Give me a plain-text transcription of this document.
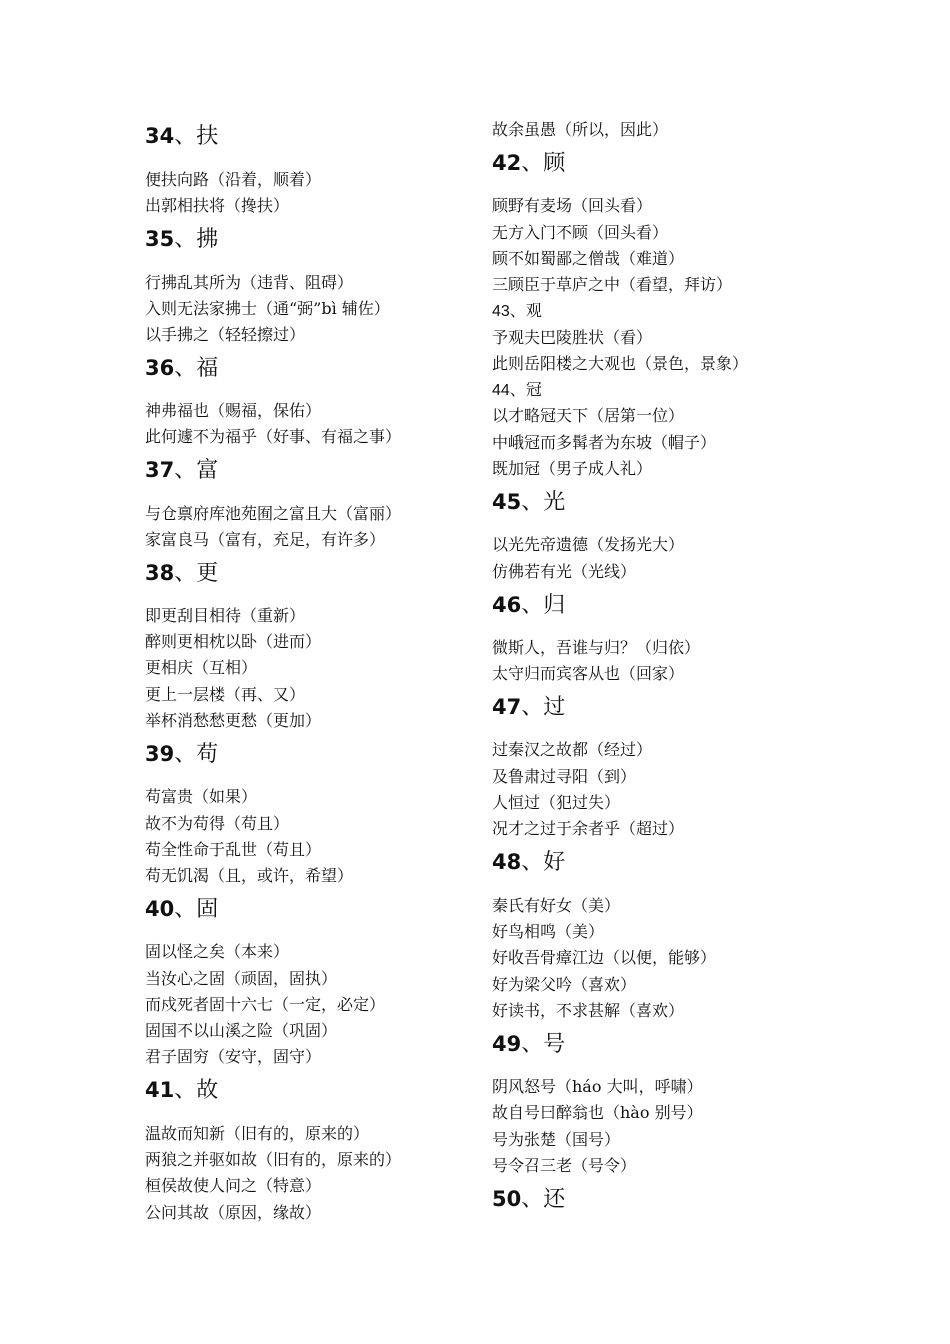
34、扶
便扶向路（沿着，顺着）
出郭相扶将（搀扶）
35、拂
行拂乱其所为（违背、阻碍）
入则无法家拂士（通“弼”bì 辅佐）
以手拂之（轻轻擦过）
36、福
神弗福也（赐福，保佑）
此何遽不为福乎（好事、有福之事）
37、富
与仓禀府库池苑囿之富且大（富丽）
家富良马（富有，充足，有许多）
38、更
即更刮目相待（重新）
醉则更相枕以卧（进而）
更相庆（互相）
更上一层楼（再、又）
举杯消愁愁更愁（更加）
39、苟
苟富贵（如果）
故不为苟得（苟且）
苟全性命于乱世（苟且）
苟无饥渴（且，或许，希望）
40、固
固以怪之矣（本来）
当汝心之固（顽固，固执）
而戍死者固十六七（一定，必定）
固国不以山溪之险（巩固）
君子固穷（安守，固守）
41、故
温故而知新（旧有的，原来的）
两狼之并驱如故（旧有的，原来的）
桓侯故使人问之（特意）
公问其故（原因，缘故）
故余虽愚（所以，因此）
42、顾
顾野有麦场（回头看）
无方入门不顾（回头看）
顾不如蜀鄙之僧哉（难道）
三顾臣于草庐之中（看望，拜访）
43、观
予观夫巴陵胜状（看）
此则岳阳楼之大观也（景色，景象）
44、冠
以才略冠天下（居第一位）
中峨冠而多髯者为东坡（帽子）
既加冠（男子成人礼）
45、光
以光先帝遗德（发扬光大）
仿佛若有光（光线）
46、归
微斯人，吾谁与归？（归依）
太守归而宾客从也（回家）
47、过
过秦汉之故都（经过）
及鲁肃过寻阳（到）
人恒过（犯过失）
况才之过于余者乎（超过）
48、好
秦氏有好女（美）
好鸟相鸣（美）
好收吾骨瘴江边（以便，能够）
好为梁父吟（喜欢）
好读书，不求甚解（喜欢）
49、号
阴风怒号（háo 大叫，呼啸）
故自号曰醉翁也（hào 别号）
号为张楚（国号）
号令召三老（号令）
50、还
